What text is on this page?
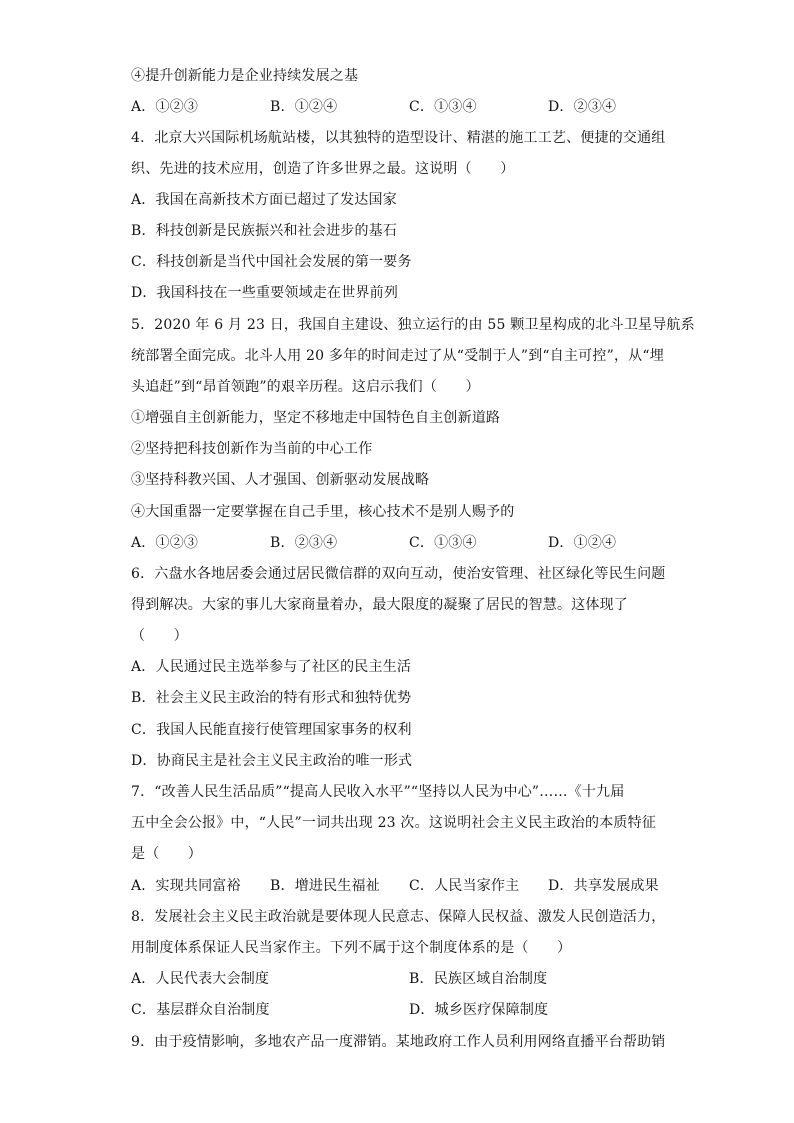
④提升创新能力是企业持续发展之基
A．①②③	B．①②④	C．①③④	D．②③④
4．北京大兴国际机场航站楼，以其独特的造型设计、精湛的施工工艺、便捷的交通组
织、先进的技术应用，创造了许多世界之最。这说明（　　）
A．我国在高新技术方面已超过了发达国家
B．科技创新是民族振兴和社会进步的基石
C．科技创新是当代中国社会发展的第一要务
D．我国科技在一些重要领域走在世界前列
5．2020 年 6 月 23 日，我国自主建设、独立运行的由 55 颗卫星构成的北斗卫星导航系
统部署全面完成。北斗人用 20 多年的时间走过了从“受制于人”到“自主可控”，从“埋
头追赶”到“昂首领跑”的艰辛历程。这启示我们（　　）
①增强自主创新能力，坚定不移地走中国特色自主创新道路
②坚持把科技创新作为当前的中心工作
③坚持科教兴国、人才强国、创新驱动发展战略
④大国重器一定要掌握在自己手里，核心技术不是别人赐予的
A．①②③	B．②③④	C．①③④	D．①②④
6．六盘水各地居委会通过居民微信群的双向互动，使治安管理、社区绿化等民生问题
得到解决。大家的事儿大家商量着办，最大限度的凝聚了居民的智慧。这体现了
（　　）
A．人民通过民主选举参与了社区的民主生活
B．社会主义民主政治的特有形式和独特优势
C．我国人民能直接行使管理国家事务的权利
D．协商民主是社会主义民主政治的唯一形式
7．“改善人民生活品质”“提高人民收入水平”“坚持以人民为中心”……《十九届
五中全会公报》中，“人民”一词共出现 23 次。这说明社会主义民主政治的本质特征
是（　　）
A．实现共同富裕 B．增进民生福祉 C．人民当家作主 D．共享发展成果
8．发展社会主义民主政治就是要体现人民意志、保障人民权益、激发人民创造活力，
用制度体系保证人民当家作主。下列不属于这个制度体系的是（　　）
A．人民代表大会制度	B．民族区域自治制度
C．基层群众自治制度	D．城乡医疗保障制度
9．由于疫情影响，多地农产品一度滞销。某地政府工作人员利用网络直播平台帮助销
